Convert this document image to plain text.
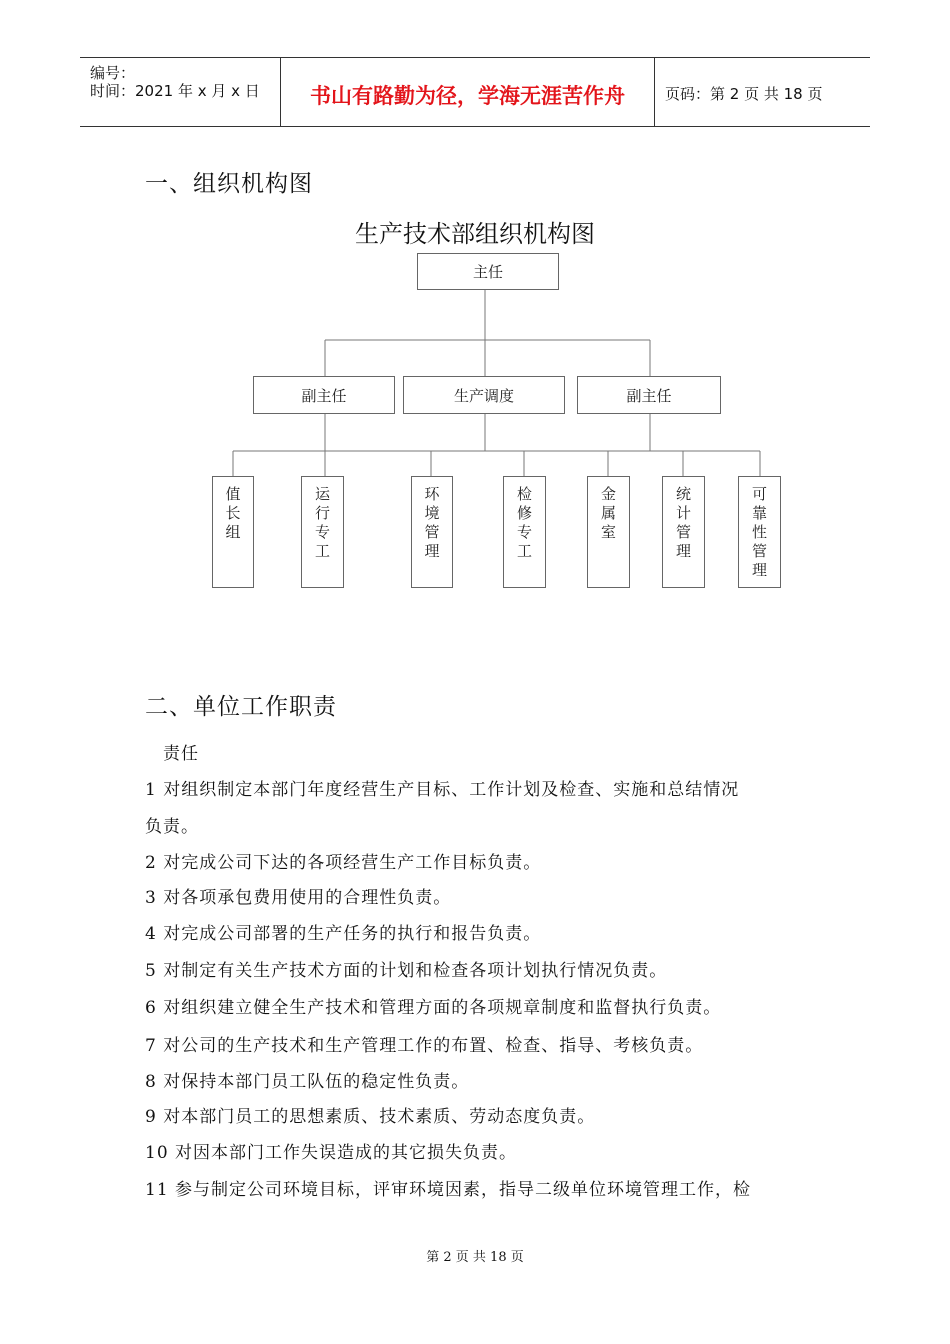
编号：
时间：2021 年 x 月 x 日	书山有路勤为径，学海无涯苦作舟	页码：第 2 页 共 18 页
一、组织机构图
生产技术部组织机构图
主任
副主任	生产调度	副主任
值长组
运行专工
环境管理
检修专工
金属室
统计管理
可靠性管理
二、单位工作职责
责任
1 对组织制定本部门年度经营生产目标、工作计划及检查、实施和总结情况
负责。
2 对完成公司下达的各项经营生产工作目标负责。
3 对各项承包费用使用的合理性负责。
4 对完成公司部署的生产任务的执行和报告负责。
5 对制定有关生产技术方面的计划和检查各项计划执行情况负责。
6 对组织建立健全生产技术和管理方面的各项规章制度和监督执行负责。
7 对公司的生产技术和生产管理工作的布置、检查、指导、考核负责。
8 对保持本部门员工队伍的稳定性负责。
9 对本部门员工的思想素质、技术素质、劳动态度负责。
10 对因本部门工作失误造成的其它损失负责。
11 参与制定公司环境目标，评审环境因素，指导二级单位环境管理工作，检
第 2 页 共 18 页
